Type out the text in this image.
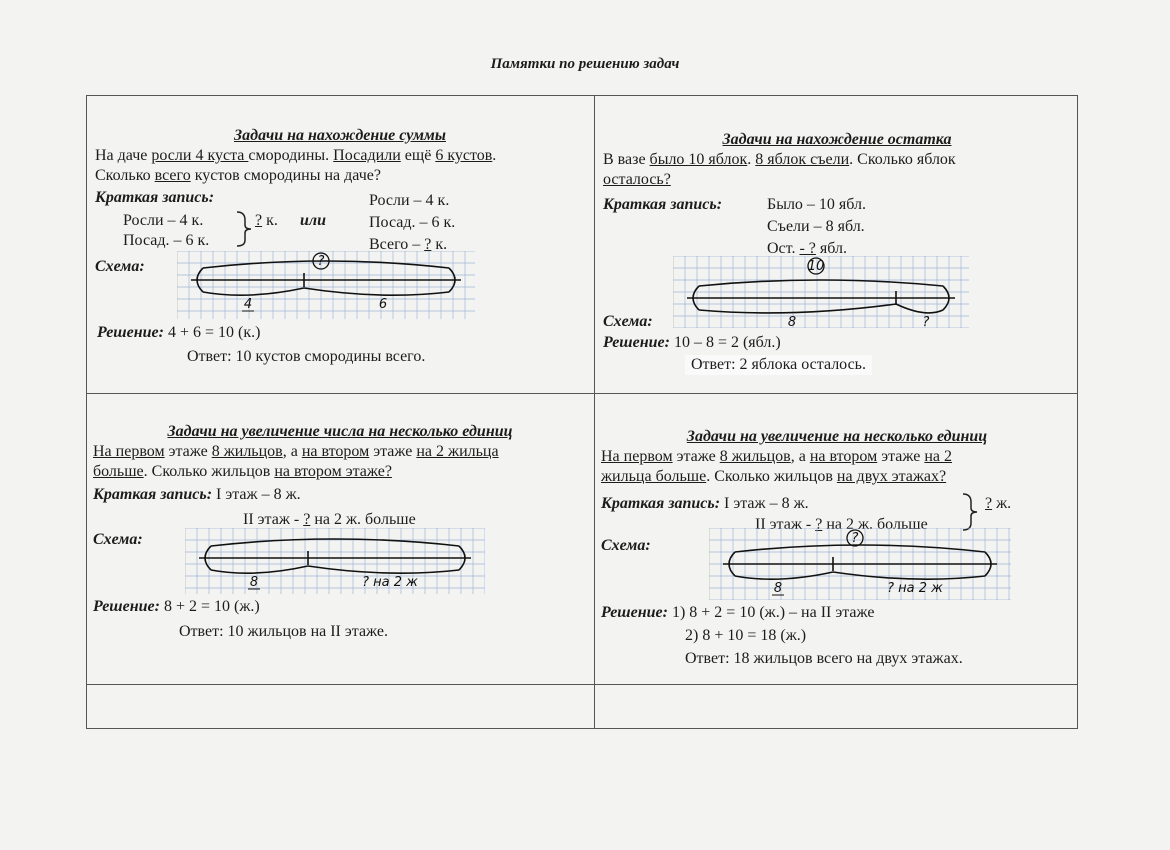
Памятки по решению задач
Задачи на нахождение суммы

На даче росли 4 куста смородины. Посадили ещё 6 кустов.

Сколько всего кустов смородины на даче?

Краткая запись:

Росли – 4 к.

Посад. – 6 к.

? к. или

Росли – 4 к.

Посад. – 6 к.

Всего – ? к.

Схема:	?
4	6

Решение: 4 + 6 = 10 (к.)

Ответ: 10 кустов смородины всего.

Задачи на нахождение остатка

В вазе было 10 яблок. 8 яблок съели. Сколько яблок

осталось?

Краткая запись:	Было – 10 ябл.

Съели – 8 ябл.

Ост. - ? ябл.

10
8	?

Схема:

Решение: 10 – 8 = 2 (ябл.)

Ответ: 2 яблока осталось.

Задачи на увеличение числа на несколько единиц

На первом этаже 8 жильцов, а на втором этаже на 2 жильца

больше. Сколько жильцов на втором этаже?

Краткая запись: I этаж – 8 ж.

II этаж - ? на 2 ж. больше

Схема:

8	? на 2 ж

Решение: 8 + 2 = 10 (ж.)

Ответ: 10 жильцов на II этаже.

Задачи на увеличение на несколько единиц

На первом этаже 8 жильцов, а на втором этаже на 2

жильца больше. Сколько жильцов на двух этажах?

Краткая запись: I этаж – 8 ж.

II этаж - ? на 2 ж. больше

? ж.

Схема:	?
8	? на 2 ж

Решение: 1) 8 + 2 = 10 (ж.) – на II этаже

2) 8 + 10 = 18 (ж.)

Ответ: 18 жильцов всего на двух этажах.
